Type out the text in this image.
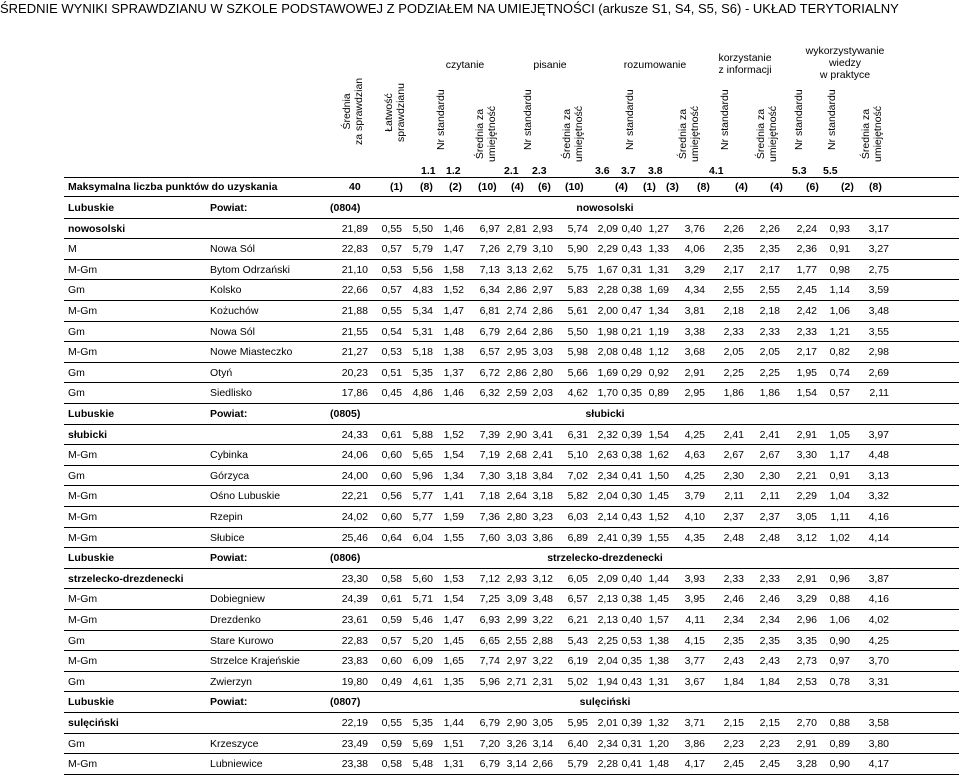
ŚREDNIE WYNIKI SPRAWDZIANU W SZKOLE PODSTAWOWEJ Z PODZIAŁEM NA UMIEJĘTNOŚCI (arkusze S1, S4, S5, S6) - UKŁAD TERYTORIALNY
Średnia za sprawdzian Łatwość sprawdzianu
czytanie	pisanie	rozumowanie
korzystanie
z informacji
wykorzystywanie
wiedzy
w praktyce
Nr standardu	Średnia za umiejętność Nr standardu	Średnia za umiejętność	Nr standardu	Średnia za umiejętność Nr standardu Średnia za umiejętność Nr standardu Nr standardu Średnia za umiejętność
1.1 1.2	2.1 2.3	3.6 3.7 3.8	4.1	5.3 5.5
Maksymalna liczba punktów do uzyskania	40	(1) (8) (2) (10) (4) (6) (10)	(4) (1) (3) (8) (4) (4) (6) (2) (8)
Lubuskie	Powiat:	(0804)	nowosolski
nowosolski	21,89 0,55 5,50 1,46 6,97 2,81 2,93 5,74 2,09 0,40 1,27 3,76 2,26 2,26 2,24 0,93 3,17
M	Nowa Sól	22,83 0,57 5,79 1,47 7,26 2,79 3,10 5,90 2,29 0,43 1,33 4,06 2,35 2,35 2,36 0,91 3,27
M-Gm	Bytom Odrzański	21,10 0,53 5,56 1,58 7,13 3,13 2,62 5,75 1,67 0,31 1,31 3,29 2,17 2,17 1,77 0,98 2,75
Gm	Kolsko	22,66 0,57 4,83 1,52 6,34 2,86 2,97 5,83 2,28 0,38 1,69 4,34 2,55 2,55 2,45 1,14 3,59
M-Gm	Kożuchów	21,88 0,55 5,34 1,47 6,81 2,74 2,86 5,61 2,00 0,47 1,34 3,81 2,18 2,18 2,42 1,06 3,48
Gm	Nowa Sól	21,55 0,54 5,31 1,48 6,79 2,64 2,86 5,50 1,98 0,21 1,19 3,38 2,33 2,33 2,33 1,21 3,55
M-Gm	Nowe Miasteczko	21,27 0,53 5,18 1,38 6,57 2,95 3,03 5,98 2,08 0,48 1,12 3,68 2,05 2,05 2,17 0,82 2,98
Gm	Otyń	20,23 0,51 5,35 1,37 6,72 2,86 2,80 5,66 1,69 0,29 0,92 2,91 2,25 2,25 1,95 0,74 2,69
Gm	Siedlisko	17,86 0,45 4,86 1,46 6,32 2,59 2,03 4,62 1,70 0,35 0,89 2,95 1,86 1,86 1,54 0,57 2,11
Lubuskie	Powiat:	(0805)	słubicki
słubicki	24,33 0,61 5,88 1,52 7,39 2,90 3,41 6,31 2,32 0,39 1,54 4,25 2,41 2,41 2,91 1,05 3,97
M-Gm	Cybinka	24,06 0,60 5,65 1,54 7,19 2,68 2,41 5,10 2,63 0,38 1,62 4,63 2,67 2,67 3,30 1,17 4,48
Gm	Górzyca	24,00 0,60 5,96 1,34 7,30 3,18 3,84 7,02 2,34 0,41 1,50 4,25 2,30 2,30 2,21 0,91 3,13
M-Gm	Ośno Lubuskie	22,21 0,56 5,77 1,41 7,18 2,64 3,18 5,82 2,04 0,30 1,45 3,79 2,11 2,11 2,29 1,04 3,32
M-Gm	Rzepin	24,02 0,60 5,77 1,59 7,36 2,80 3,23 6,03 2,14 0,43 1,52 4,10 2,37 2,37 3,05 1,11 4,16
M-Gm	Słubice	25,46 0,64 6,04 1,55 7,60 3,03 3,86 6,89 2,41 0,39 1,55 4,35 2,48 2,48 3,12 1,02 4,14
Lubuskie	Powiat:	(0806)	strzelecko-drezdenecki
strzelecko-drezdenecki	23,30 0,58 5,60 1,53 7,12 2,93 3,12 6,05 2,09 0,40 1,44 3,93 2,33 2,33 2,91 0,96 3,87
M-Gm	Dobiegniew	24,39 0,61 5,71 1,54 7,25 3,09 3,48 6,57 2,13 0,38 1,45 3,95 2,46 2,46 3,29 0,88 4,16
M-Gm	Drezdenko	23,61 0,59 5,46 1,47 6,93 2,99 3,22 6,21 2,13 0,40 1,57 4,11 2,34 2,34 2,96 1,06 4,02
Gm	Stare Kurowo	22,83 0,57 5,20 1,45 6,65 2,55 2,88 5,43 2,25 0,53 1,38 4,15 2,35 2,35 3,35 0,90 4,25
M-Gm	Strzelce Krajeńskie	23,83 0,60 6,09 1,65 7,74 2,97 3,22 6,19 2,04 0,35 1,38 3,77 2,43 2,43 2,73 0,97 3,70
Gm	Zwierzyn	19,80 0,49 4,61 1,35 5,96 2,71 2,31 5,02 1,94 0,43 1,31 3,67 1,84 1,84 2,53 0,78 3,31
Lubuskie	Powiat:	(0807)	sulęciński
sulęciński	22,19 0,55 5,35 1,44 6,79 2,90 3,05 5,95 2,01 0,39 1,32 3,71 2,15 2,15 2,70 0,88 3,58
Gm	Krzeszyce	23,49 0,59 5,69 1,51 7,20 3,26 3,14 6,40 2,34 0,31 1,20 3,86 2,23 2,23 2,91 0,89 3,80
M-Gm	Lubniewice	23,38 0,58 5,48 1,31 6,79 3,14 2,66 5,79 2,28 0,41 1,48 4,17 2,45 2,45 3,28 0,90 4,17
